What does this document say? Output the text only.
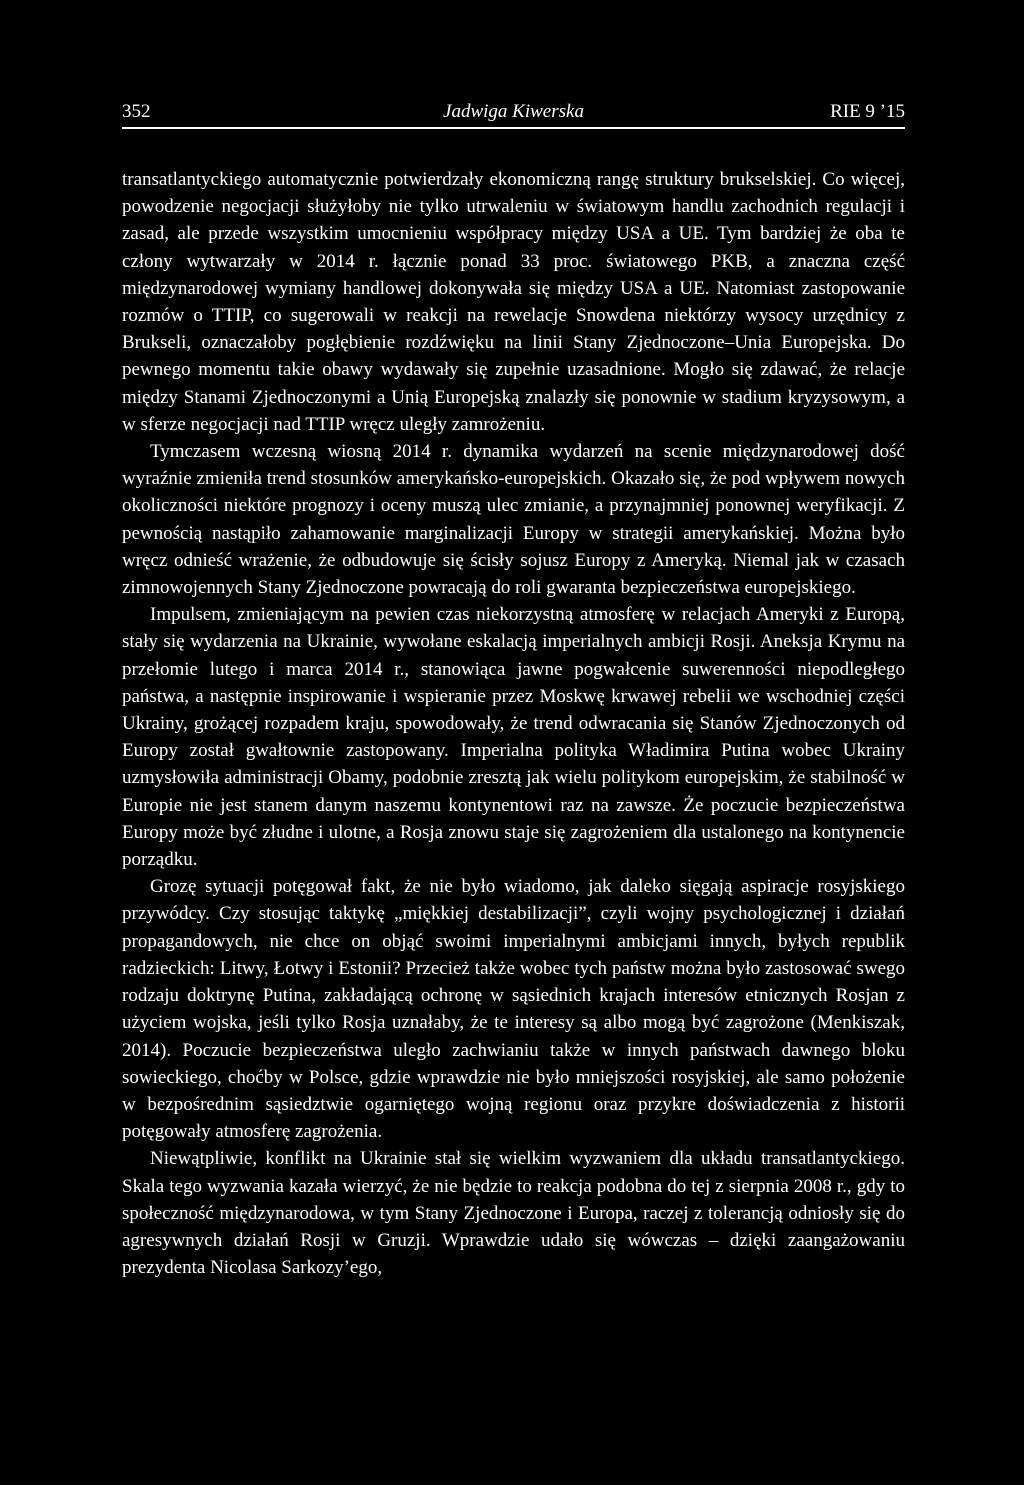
352	Jadwiga Kiwerska	RIE 9 ’15

transatlantyckiego automatycznie potwierdzały ekonomiczną rangę struktury brukselskiej. Co więcej, powodzenie negocjacji służyłoby nie tylko utrwaleniu w światowym handlu zachodnich regulacji i zasad, ale przede wszystkim umocnieniu współpracy między USA a UE. Tym bardziej że oba te człony wytwarzały w 2014 r. łącznie ponad 33 proc. światowego PKB, a znaczna część międzynarodowej wymiany handlowej dokonywała się między USA a UE. Natomiast zastopowanie rozmów o TTIP, co sugerowali w reakcji na rewelacje Snowdena niektórzy wysocy urzędnicy z Brukseli, oznaczałoby pogłębienie rozdźwięku na linii Stany Zjednoczone–Unia Europejska. Do pewnego momentu takie obawy wydawały się zupełnie uzasadnione. Mogło się zdawać, że relacje między Stanami Zjednoczonymi a Unią Europejską znalazły się ponownie w stadium kryzysowym, a w sferze negocjacji nad TTIP wręcz uległy zamrożeniu.

Tymczasem wczesną wiosną 2014 r. dynamika wydarzeń na scenie międzynarodowej dość wyraźnie zmieniła trend stosunków amerykańsko-europejskich. Okazało się, że pod wpływem nowych okoliczności niektóre prognozy i oceny muszą ulec zmianie, a przynajmniej ponownej weryfikacji. Z pewnością nastąpiło zahamowanie marginalizacji Europy w strategii amerykańskiej. Można było wręcz odnieść wrażenie, że odbudowuje się ścisły sojusz Europy z Ameryką. Niemal jak w czasach zimnowojennych Stany Zjednoczone powracają do roli gwaranta bezpieczeństwa europejskiego.

Impulsem, zmieniającym na pewien czas niekorzystną atmosferę w relacjach Ameryki z Europą, stały się wydarzenia na Ukrainie, wywołane eskalacją imperialnych ambicji Rosji. Aneksja Krymu na przełomie lutego i marca 2014 r., stanowiąca jawne pogwałcenie suwerenności niepodległego państwa, a następnie inspirowanie i wspieranie przez Moskwę krwawej rebelii we wschodniej części Ukrainy, grożącej rozpadem kraju, spowodowały, że trend odwracania się Stanów Zjednoczonych od Europy został gwałtownie zastopowany. Imperialna polityka Władimira Putina wobec Ukrainy uzmysłowiła administracji Obamy, podobnie zresztą jak wielu politykom europejskim, że stabilność w Europie nie jest stanem danym naszemu kontynentowi raz na zawsze. Że poczucie bezpieczeństwa Europy może być złudne i ulotne, a Rosja znowu staje się zagrożeniem dla ustalonego na kontynencie porządku.

Grozę sytuacji potęgował fakt, że nie było wiadomo, jak daleko sięgają aspiracje rosyjskiego przywódcy. Czy stosując taktykę „miękkiej destabilizacji”, czyli wojny psychologicznej i działań propagandowych, nie chce on objąć swoimi imperialnymi ambicjami innych, byłych republik radzieckich: Litwy, Łotwy i Estonii? Przecież także wobec tych państw można było zastosować swego rodzaju doktrynę Putina, zakładającą ochronę w sąsiednich krajach interesów etnicznych Rosjan z użyciem wojska, jeśli tylko Rosja uznałaby, że te interesy są albo mogą być zagrożone (Menkiszak, 2014). Poczucie bezpieczeństwa uległo zachwianiu także w innych państwach dawnego bloku sowieckiego, choćby w Polsce, gdzie wprawdzie nie było mniejszości rosyjskiej, ale samo położenie w bezpośrednim sąsiedztwie ogarniętego wojną regionu oraz przykre doświadczenia z historii potęgowały atmosferę zagrożenia.

Niewątpliwie, konflikt na Ukrainie stał się wielkim wyzwaniem dla układu transatlantyckiego. Skala tego wyzwania kazała wierzyć, że nie będzie to reakcja podobna do tej z sierpnia 2008 r., gdy to społeczność międzynarodowa, w tym Stany Zjednoczone i Europa, raczej z tolerancją odniosły się do agresywnych działań Rosji w Gruzji. Wprawdzie udało się wówczas – dzięki zaangażowaniu prezydenta Nicolasa Sarkozy’ego,
